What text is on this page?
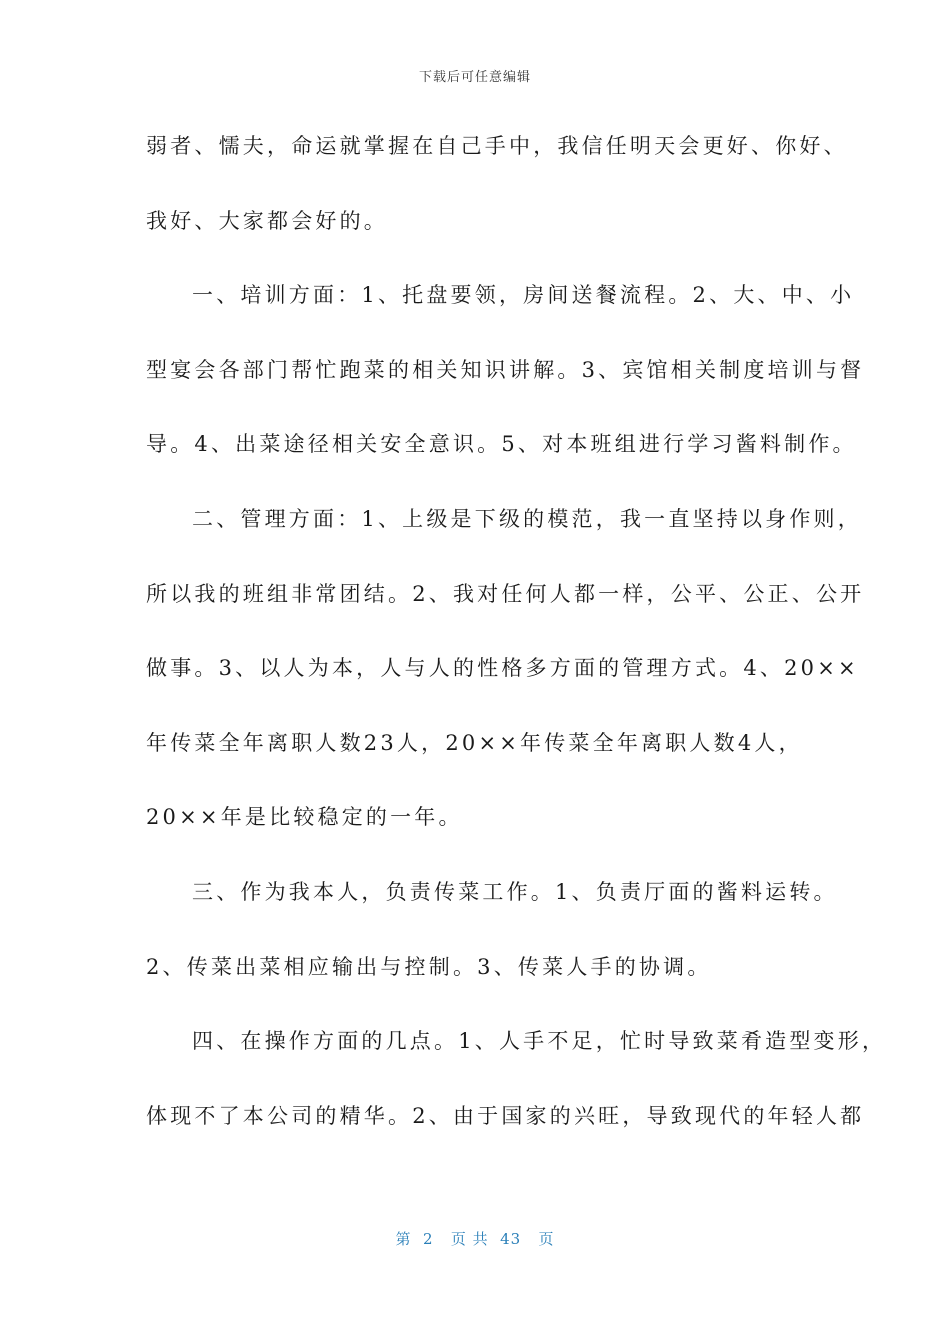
下载后可任意编辑
弱者、懦夫，命运就掌握在自己手中，我信任明天会更好、你好、
我好、大家都会好的。
一、培训方面：1、托盘要领，房间送餐流程。2、大、中、小
型宴会各部门帮忙跑菜的相关知识讲解。3、宾馆相关制度培训与督
导。4、出菜途径相关安全意识。5、对本班组进行学习酱料制作。
二、管理方面：1、上级是下级的模范，我一直坚持以身作则，
所以我的班组非常团结。2、我对任何人都一样，公平、公正、公开
做事。3、以人为本，人与人的性格多方面的管理方式。4、20××
年传菜全年离职人数23人，20××年传菜全年离职人数4人，
20××年是比较稳定的一年。
三、作为我本人，负责传菜工作。1、负责厅面的酱料运转。
2、传菜出菜相应输出与控制。3、传菜人手的协调。
四、在操作方面的几点。1、人手不足，忙时导致菜肴造型变形，
体现不了本公司的精华。2、由于国家的兴旺，导致现代的年轻人都
第  2   页 共  43   页
